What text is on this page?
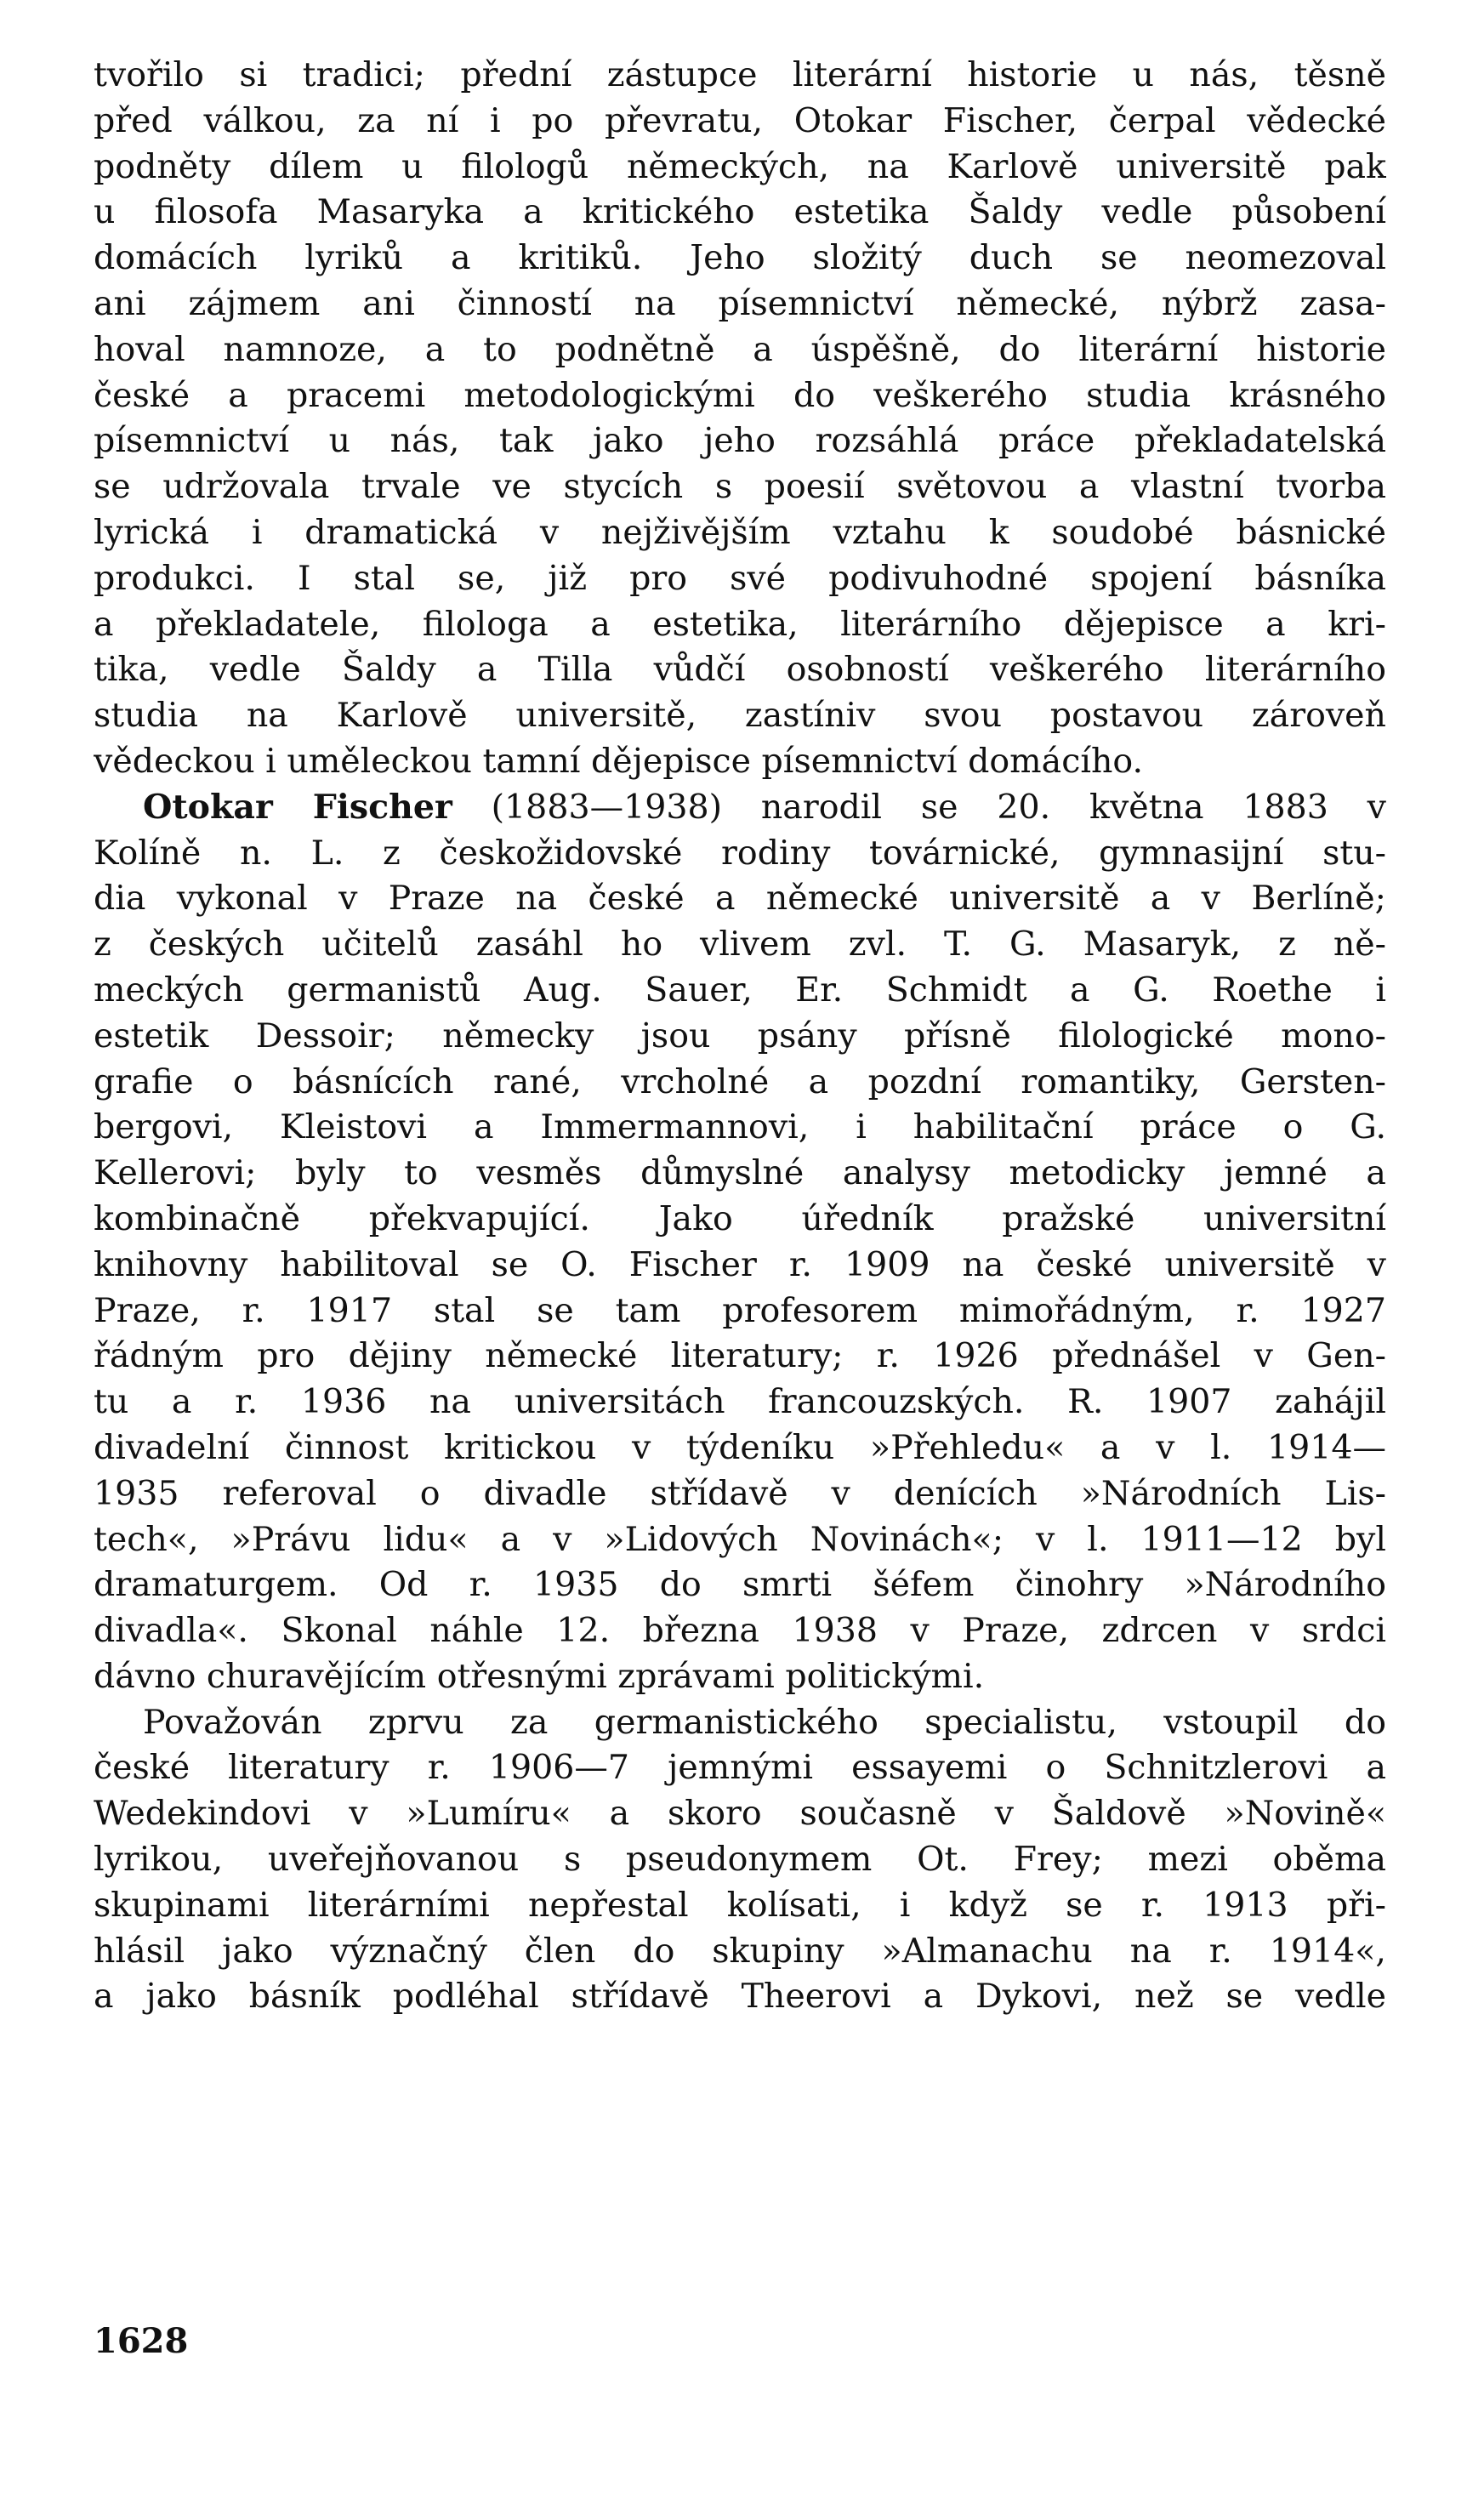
tvořilo si tradici; přední zástupce literární historie u nás, těsně
před válkou, za ní i po převratu, Otokar Fischer, čerpal vědecké
podněty dílem u filologů německých, na Karlově universitě pak
u filosofa Masaryka a kritického estetika Šaldy vedle působení
domácích lyriků a kritiků. Jeho složitý duch se neomezoval
ani zájmem ani činností na písemnictví německé, nýbrž zasa-
hoval namnoze, a to podnětně a úspěšně, do literární historie
české a pracemi metodologickými do veškerého studia krásného
písemnictví u nás, tak jako jeho rozsáhlá práce překladatelská
se udržovala trvale ve stycích s poesií světovou a vlastní tvorba
lyrická i dramatická v nejživějším vztahu k soudobé básnické
produkci. I stal se, již pro své podivuhodné spojení básníka
a překladatele, filologa a estetika, literárního dějepisce a kri-
tika, vedle Šaldy a Tilla vůdčí osobností veškerého literárního
studia na Karlově universitě, zastíniv svou postavou zároveň
vědeckou i uměleckou tamní dějepisce písemnictví domácího.
Otokar Fischer (1883—1938) narodil se 20. května 1883 v
Kolíně n. L. z českožidovské rodiny továrnické, gymnasijní stu-
dia vykonal v Praze na české a německé universitě a v Berlíně;
z českých učitelů zasáhl ho vlivem zvl. T. G. Masaryk, z ně-
meckých germanistů Aug. Sauer, Er. Schmidt a G. Roethe i
estetik Dessoir; německy jsou psány přísně filologické mono-
grafie o básnících rané, vrcholné a pozdní romantiky, Gersten-
bergovi, Kleistovi a Immermannovi, i habilitační práce o G.
Kellerovi; byly to vesměs důmyslné analysy metodicky jemné a
kombinačně překvapující. Jako úředník pražské universitní
knihovny habilitoval se O. Fischer r. 1909 na české universitě v
Praze, r. 1917 stal se tam profesorem mimořádným, r. 1927
řádným pro dějiny německé literatury; r. 1926 přednášel v Gen-
tu a r. 1936 na universitách francouzských. R. 1907 zahájil
divadelní činnost kritickou v týdeníku »Přehledu« a v l. 1914—
1935 referoval o divadle střídavě v denících »Národních Lis-
tech«, »Právu lidu« a v »Lidových Novinách«; v l. 1911—12 byl
dramaturgem. Od r. 1935 do smrti šéfem činohry »Národního
divadla«. Skonal náhle 12. března 1938 v Praze, zdrcen v srdci
dávno churavějícím otřesnými zprávami politickými.
Považován zprvu za germanistického specialistu, vstoupil do
české literatury r. 1906—7 jemnými essayemi o Schnitzlerovi a
Wedekindovi v »Lumíru« a skoro současně v Šaldově »Novině«
lyrikou, uveřejňovanou s pseudonymem Ot. Frey; mezi oběma
skupinami literárními nepřestal kolísati, i když se r. 1913 při-
hlásil jako význačný člen do skupiny »Almanachu na r. 1914«,
a jako básník podléhal střídavě Theerovi a Dykovi, než se vedle
1628
